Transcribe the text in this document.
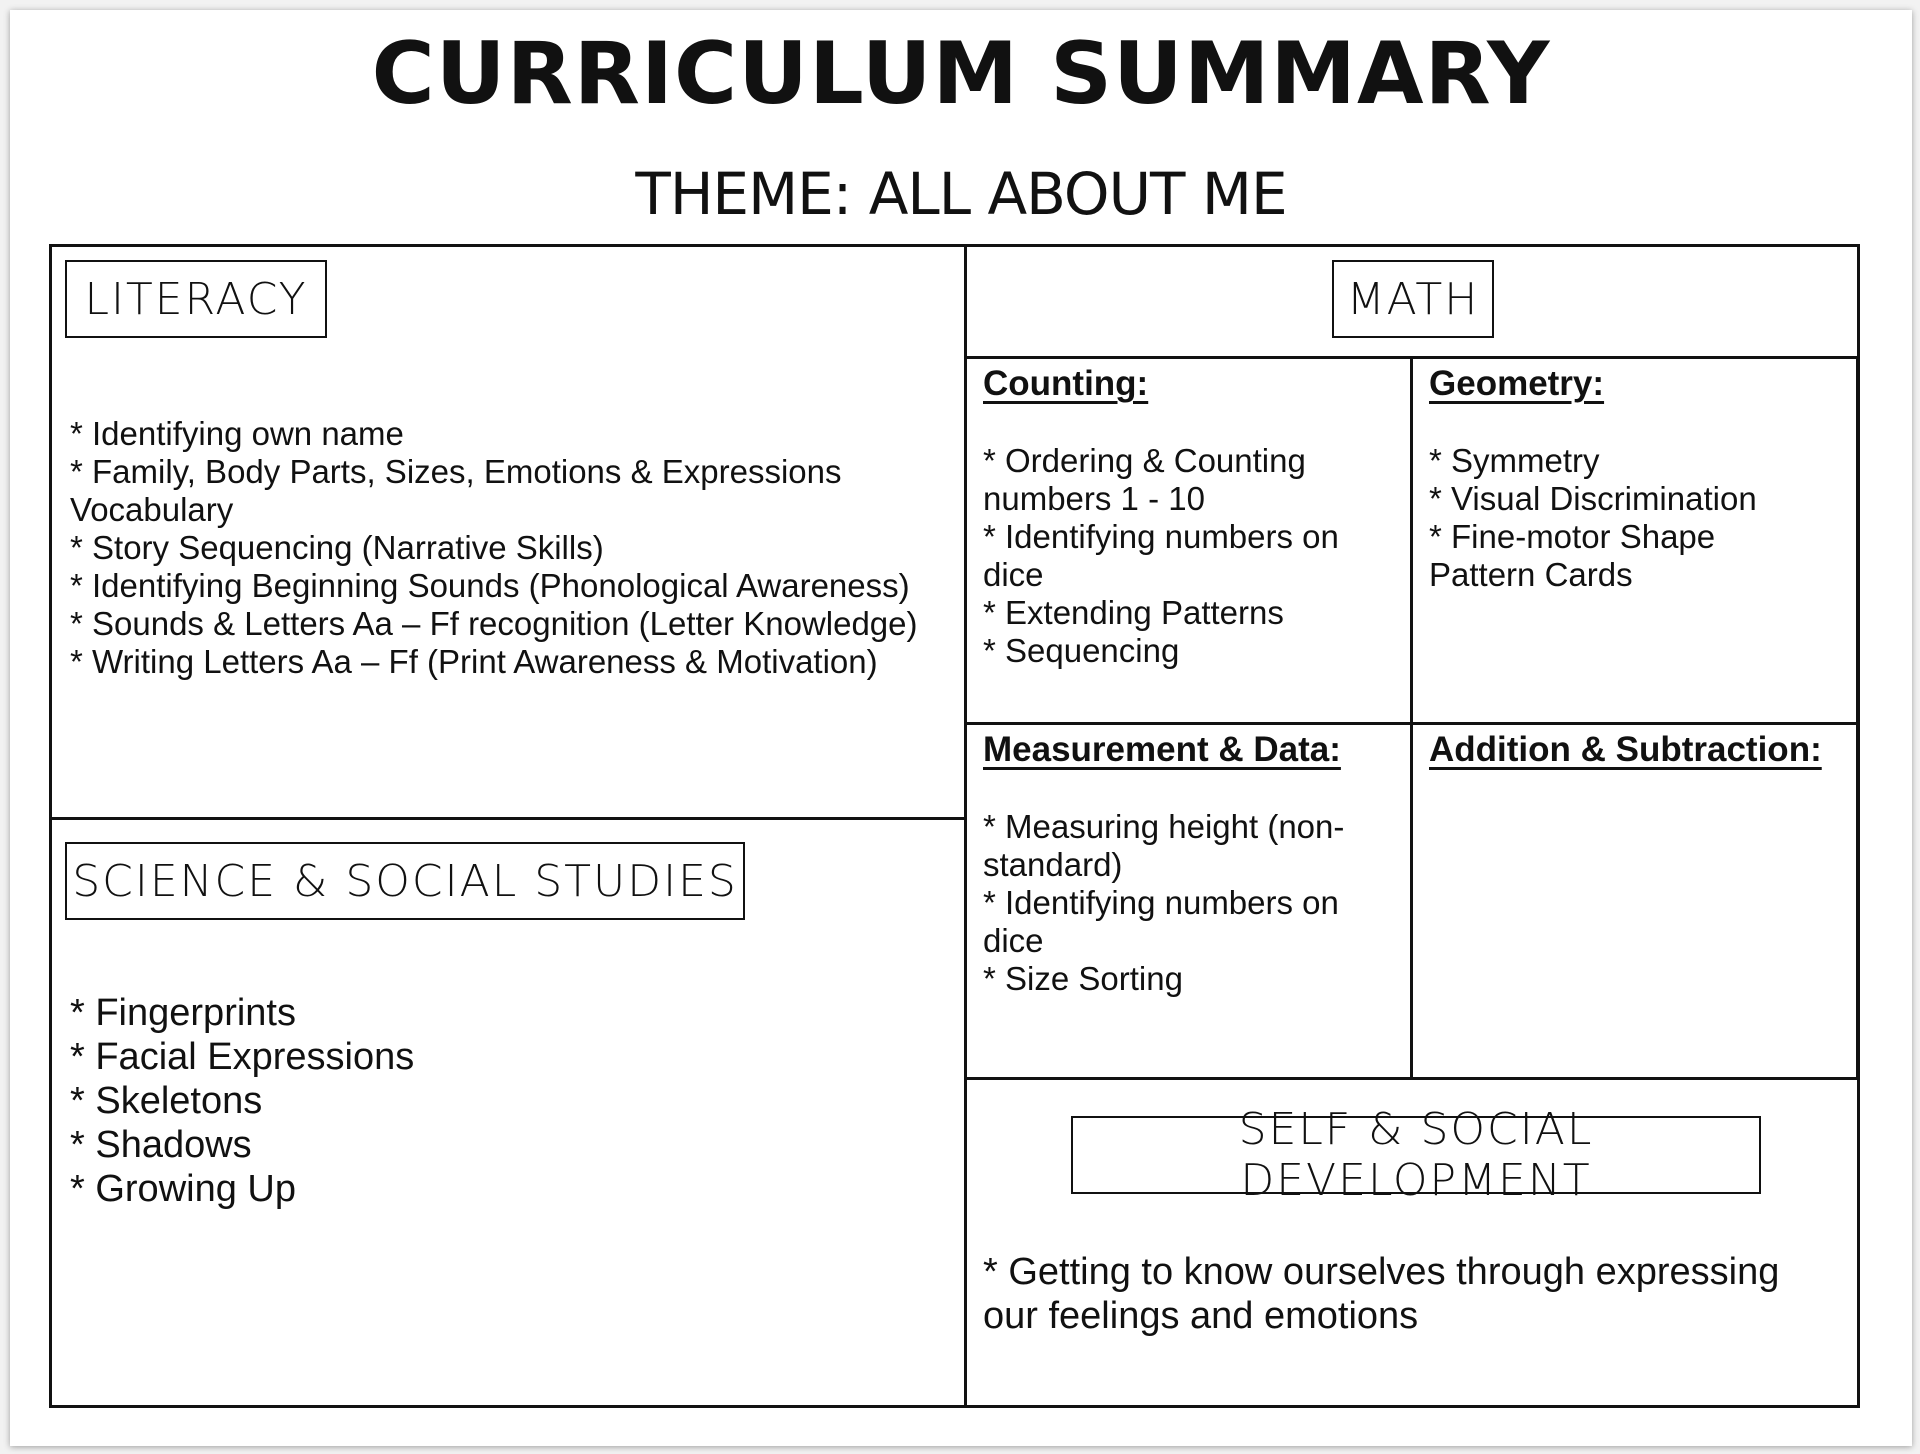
CURRICULUM SUMMARY
THEME: ALL ABOUT ME
LITERACY
* Identifying own name
* Family, Body Parts, Sizes, Emotions & Expressions Vocabulary
* Story Sequencing (Narrative Skills)
* Identifying Beginning Sounds (Phonological Awareness)
* Sounds & Letters Aa – Ff recognition (Letter Knowledge)
* Writing Letters Aa – Ff (Print Awareness & Motivation)
SCIENCE & SOCIAL STUDIES
* Fingerprints
* Facial Expressions
* Skeletons
* Shadows
* Growing Up
MATH
Counting:
* Ordering & Counting numbers 1 - 10
* Identifying numbers on dice
* Extending Patterns
* Sequencing
Geometry:
* Symmetry
* Visual Discrimination
* Fine-motor Shape Pattern Cards
Measurement & Data:
* Measuring height (non-standard)
* Identifying numbers on dice
* Size Sorting
Addition & Subtraction:
SELF & SOCIAL DEVELOPMENT
* Getting to know ourselves through expressing our feelings and emotions
